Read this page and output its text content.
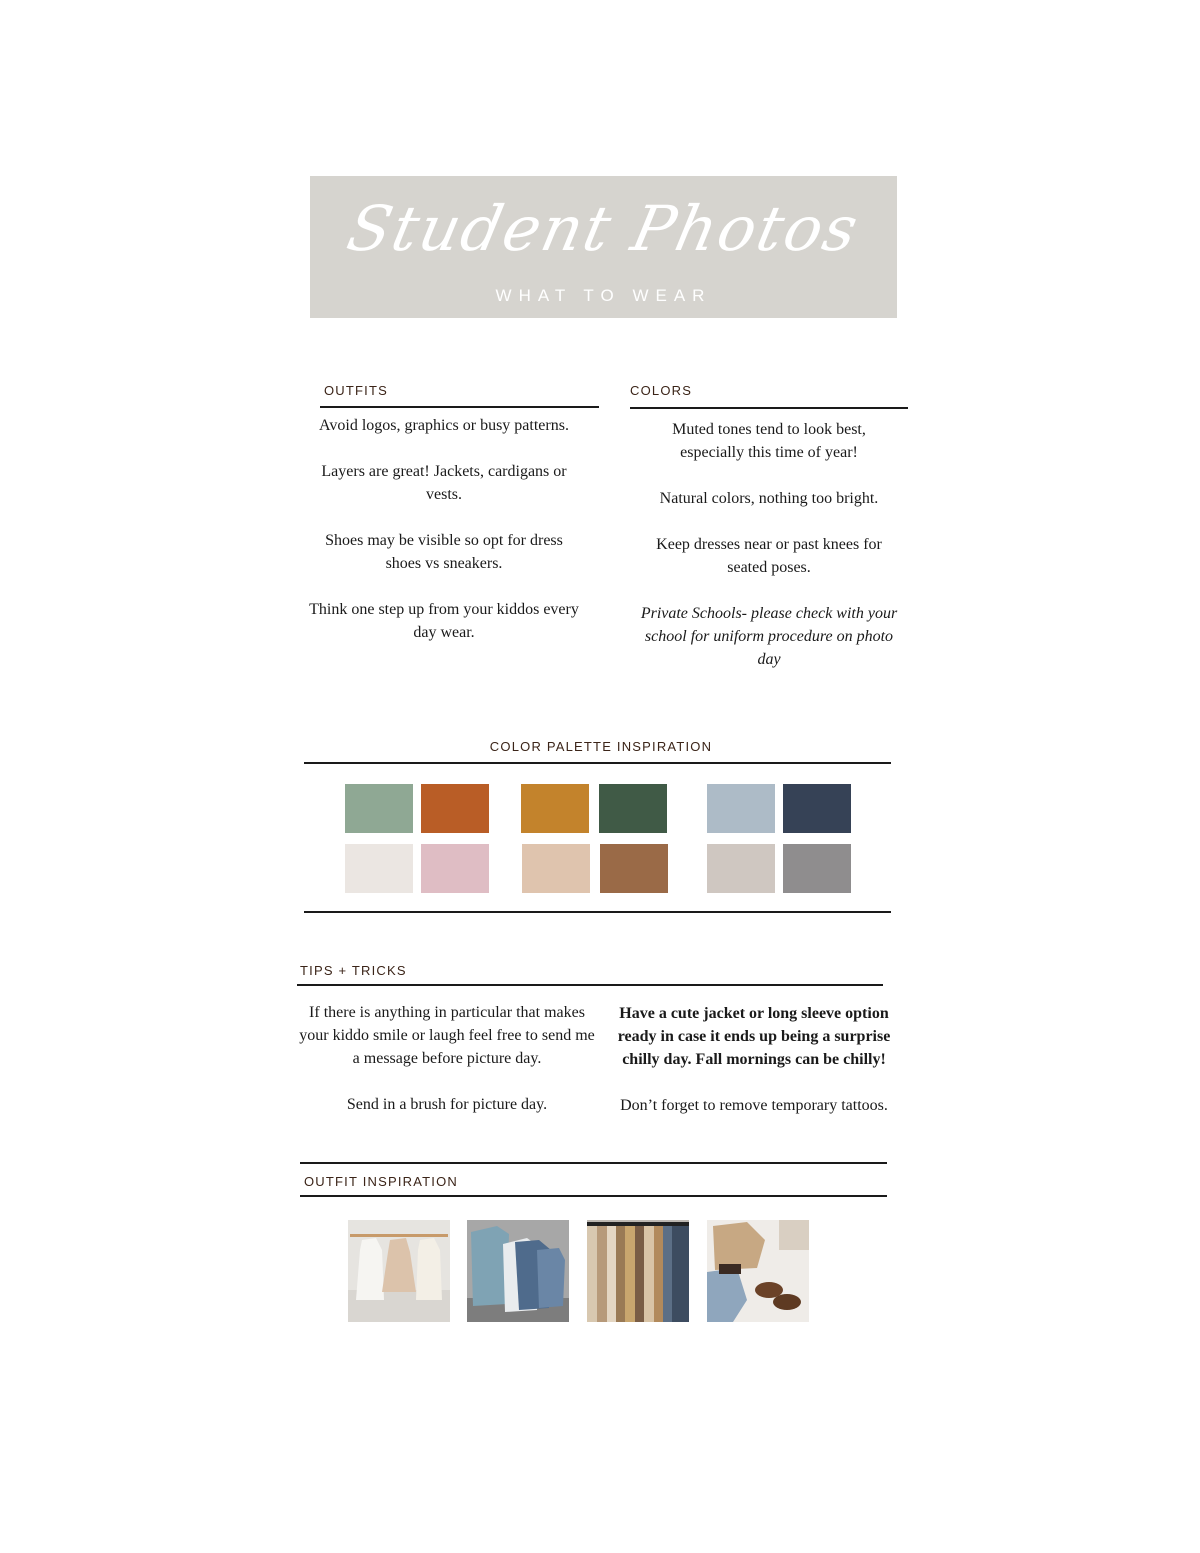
Student Photos
WHAT TO WEAR
OUTFITS

Avoid logos, graphics or busy patterns.

Layers are great! Jackets, cardigans or vests.

Shoes may be visible so opt for dress shoes vs sneakers.

Think one step up from your kiddos every day wear.

COLORS

Muted tones tend to look best, especially this time of year!

Natural colors, nothing too bright.

Keep dresses near or past knees for seated poses.

Private Schools- please check with your school for uniform procedure on photo day

COLOR PALETTE INSPIRATION
TIPS + TRICKS

If there is anything in particular that makes your kiddo smile or laugh feel free to send me a message before picture day.

Send in a brush for picture day.

Have a cute jacket or long sleeve option ready in case it ends up being a surprise chilly day. Fall mornings can be chilly!

Don’t forget to remove temporary tattoos.

OUTFIT INSPIRATION
